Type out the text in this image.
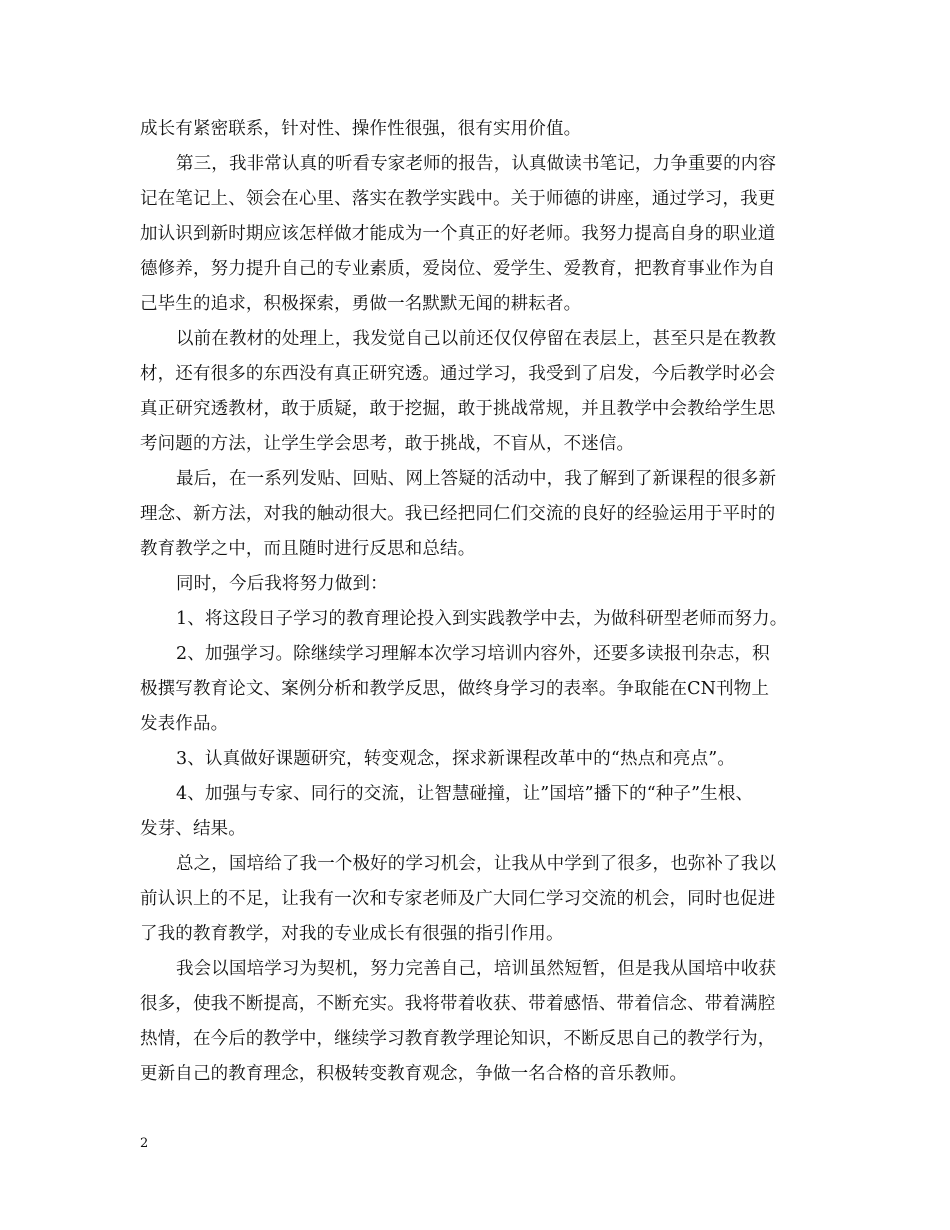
成长有紧密联系，针对性、操作性很强，很有实用价值。
第三，我非常认真的听看专家老师的报告，认真做读书笔记，力争重要的内容
记在笔记上、领会在心里、落实在教学实践中。关于师德的讲座，通过学习，我更
加认识到新时期应该怎样做才能成为一个真正的好老师。我努力提高自身的职业道
德修养，努力提升自己的专业素质，爱岗位、爱学生、爱教育，把教育事业作为自
己毕生的追求，积极探索，勇做一名默默无闻的耕耘者。
以前在教材的处理上，我发觉自己以前还仅仅停留在表层上，甚至只是在教教
材，还有很多的东西没有真正研究透。通过学习，我受到了启发，今后教学时必会
真正研究透教材，敢于质疑，敢于挖掘，敢于挑战常规，并且教学中会教给学生思
考问题的方法，让学生学会思考，敢于挑战，不盲从，不迷信。
最后，在一系列发贴、回贴、网上答疑的活动中，我了解到了新课程的很多新
理念、新方法，对我的触动很大。我已经把同仁们交流的良好的经验运用于平时的
教育教学之中，而且随时进行反思和总结。
同时，今后我将努力做到：
1、将这段日子学习的教育理论投入到实践教学中去，为做科研型老师而努力。
2、加强学习。除继续学习理解本次学习培训内容外，还要多读报刊杂志，积
极撰写教育论文、案例分析和教学反思，做终身学习的表率。争取能在CN刊物上
发表作品。
3、认真做好课题研究，转变观念，探求新课程改革中的“热点和亮点”。
4、加强与专家、同行的交流，让智慧碰撞，让”国培”播下的“种子”生根、
发芽、结果。
总之，国培给了我一个极好的学习机会，让我从中学到了很多，也弥补了我以
前认识上的不足，让我有一次和专家老师及广大同仁学习交流的机会，同时也促进
了我的教育教学，对我的专业成长有很强的指引作用。
我会以国培学习为契机，努力完善自己，培训虽然短暂，但是我从国培中收获
很多，使我不断提高，不断充实。我将带着收获、带着感悟、带着信念、带着满腔
热情，在今后的教学中，继续学习教育教学理论知识，不断反思自己的教学行为，
更新自己的教育理念，积极转变教育观念，争做一名合格的音乐教师。
2
